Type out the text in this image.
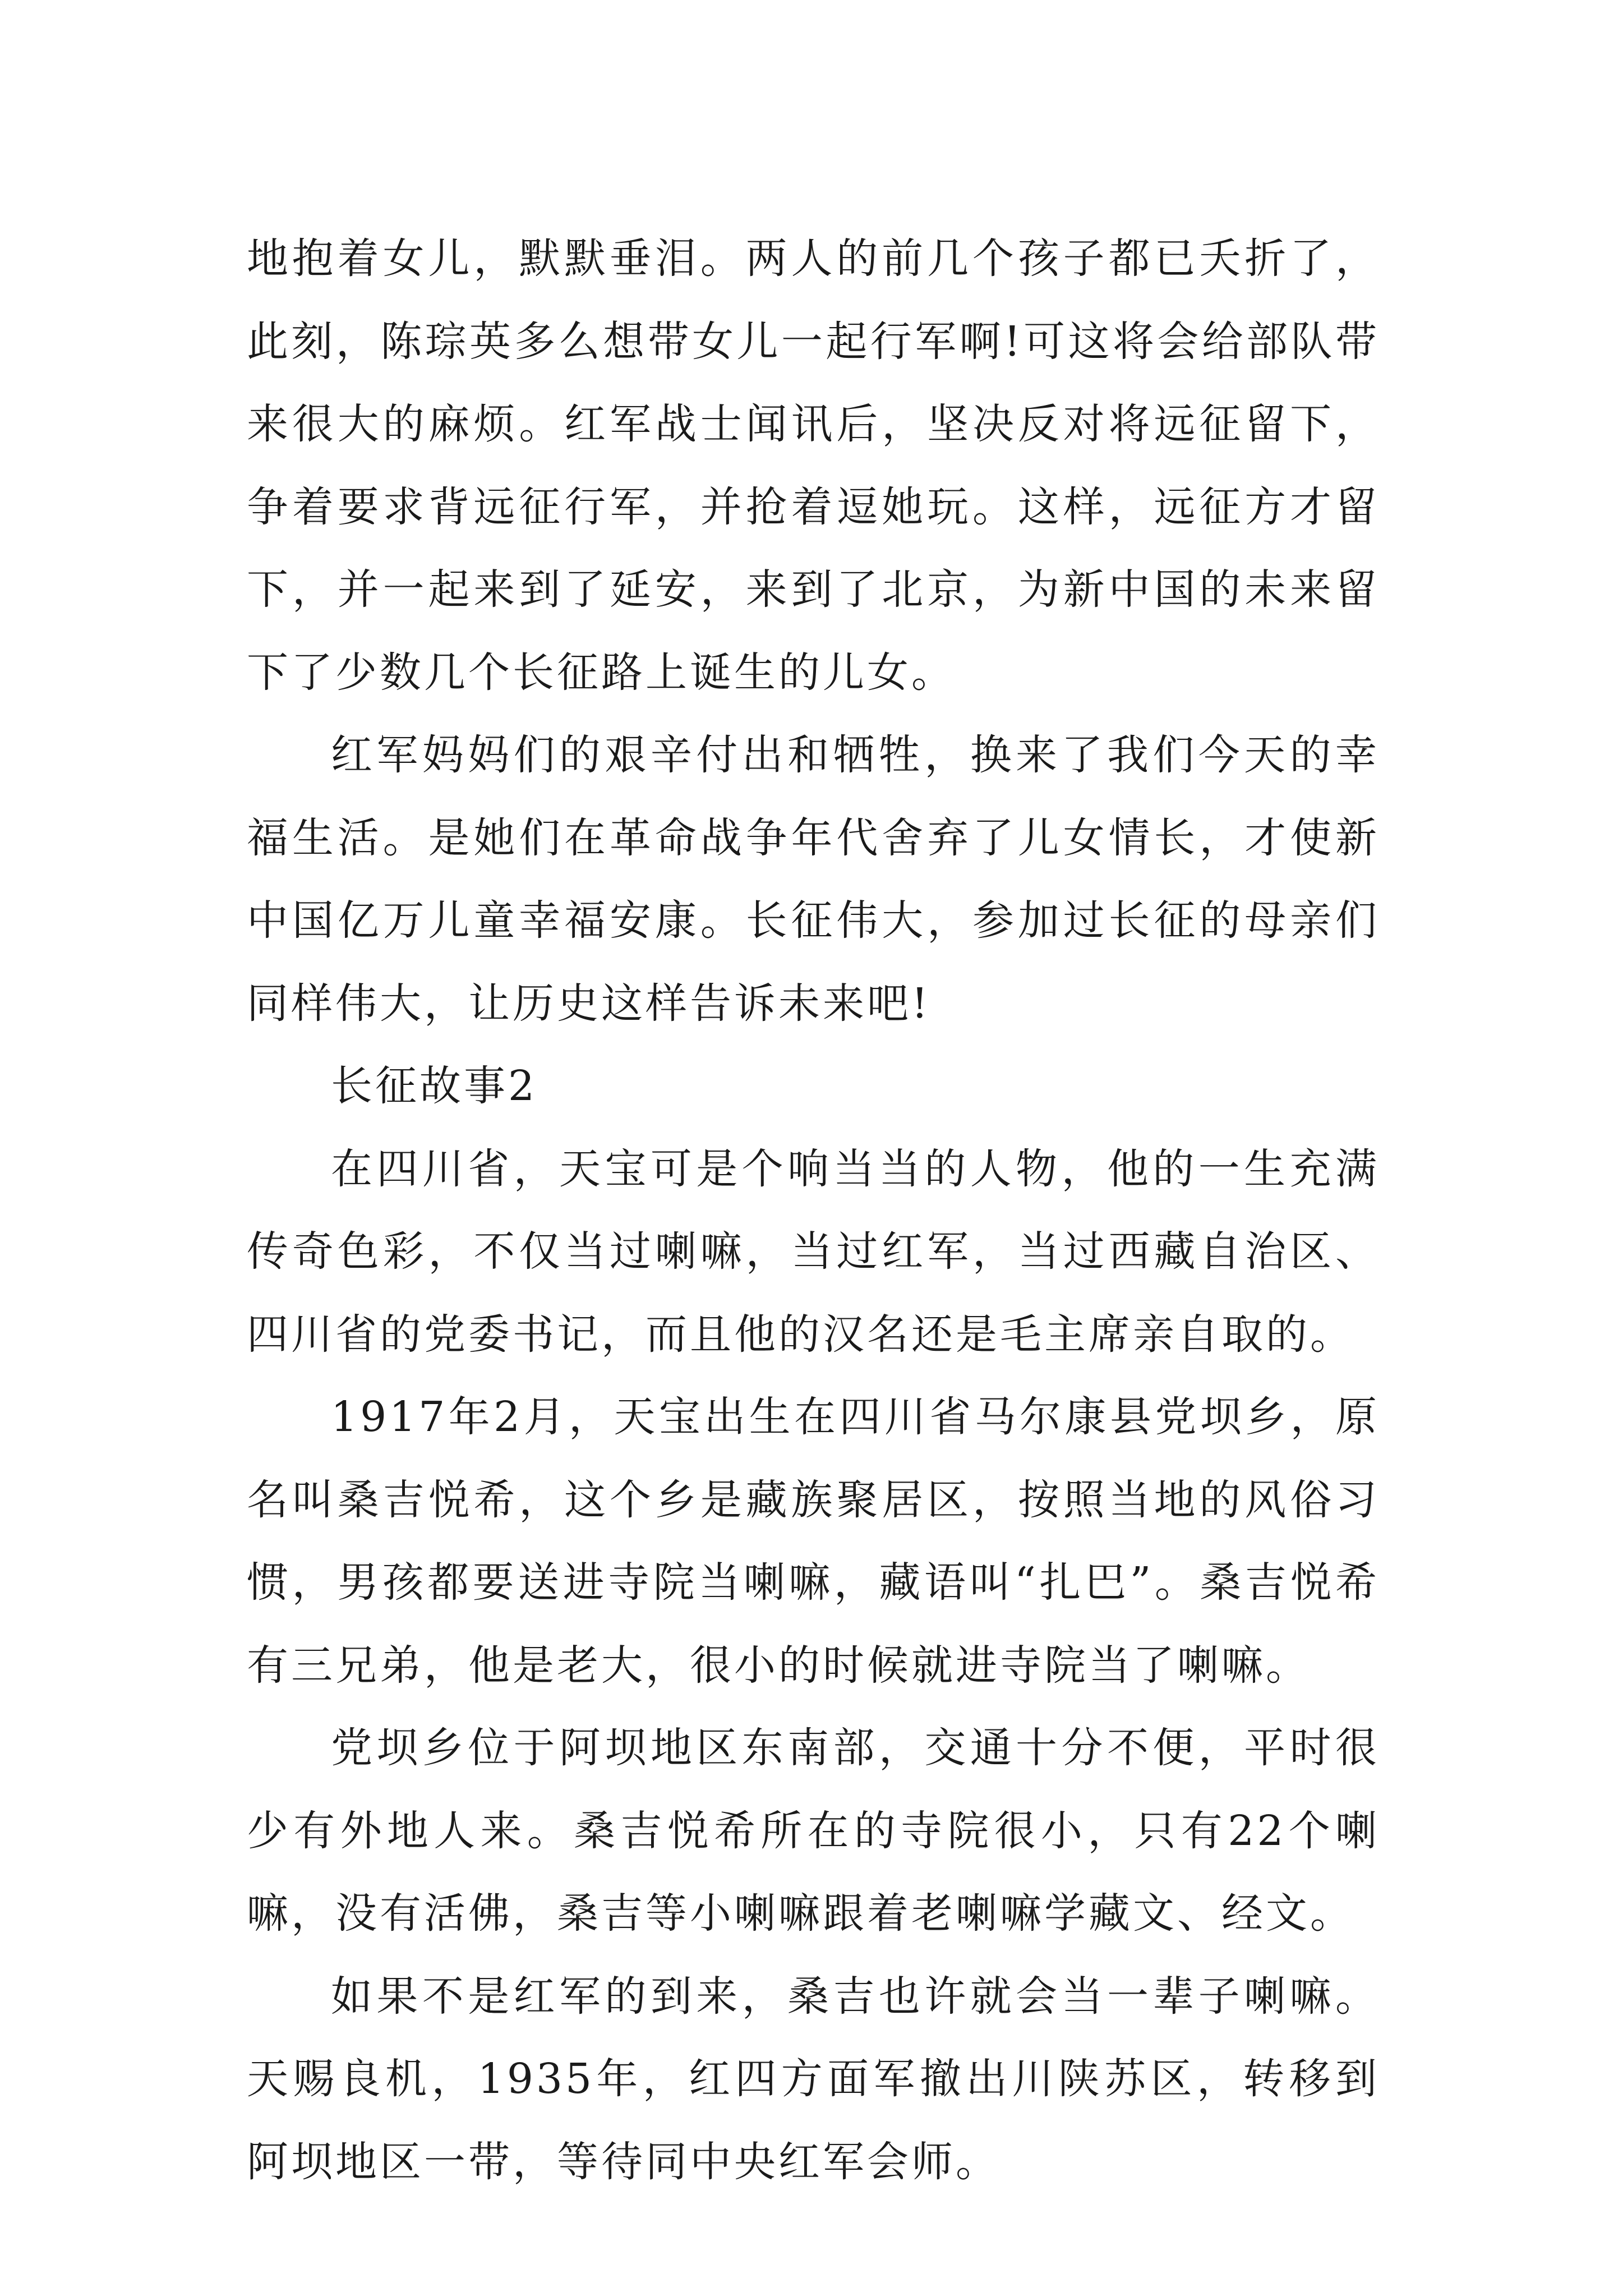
地抱着女儿，默默垂泪。两人的前几个孩子都已夭折了，此刻，陈琮英多么想带女儿一起行军啊!可这将会给部队带来很大的麻烦。红军战士闻讯后，坚决反对将远征留下，争着要求背远征行军，并抢着逗她玩。这样，远征方才留下，并一起来到了延安，来到了北京，为新中国的未来留下了少数几个长征路上诞生的儿女。

红军妈妈们的艰辛付出和牺牲，换来了我们今天的幸福生活。是她们在革命战争年代舍弃了儿女情长，才使新中国亿万儿童幸福安康。长征伟大，参加过长征的母亲们同样伟大，让历史这样告诉未来吧!

长征故事2

在四川省，天宝可是个响当当的人物，他的一生充满传奇色彩，不仅当过喇嘛，当过红军，当过西藏自治区、四川省的党委书记，而且他的汉名还是毛主席亲自取的。

1917年2月，天宝出生在四川省马尔康县党坝乡，原名叫桑吉悦希，这个乡是藏族聚居区，按照当地的风俗习惯，男孩都要送进寺院当喇嘛，藏语叫“扎巴”。桑吉悦希有三兄弟，他是老大，很小的时候就进寺院当了喇嘛。

党坝乡位于阿坝地区东南部，交通十分不便，平时很少有外地人来。桑吉悦希所在的寺院很小，只有22个喇嘛，没有活佛，桑吉等小喇嘛跟着老喇嘛学藏文、经文。

如果不是红军的到来，桑吉也许就会当一辈子喇嘛。天赐良机，1935年，红四方面军撤出川陕苏区，转移到阿坝地区一带，等待同中央红军会师。
